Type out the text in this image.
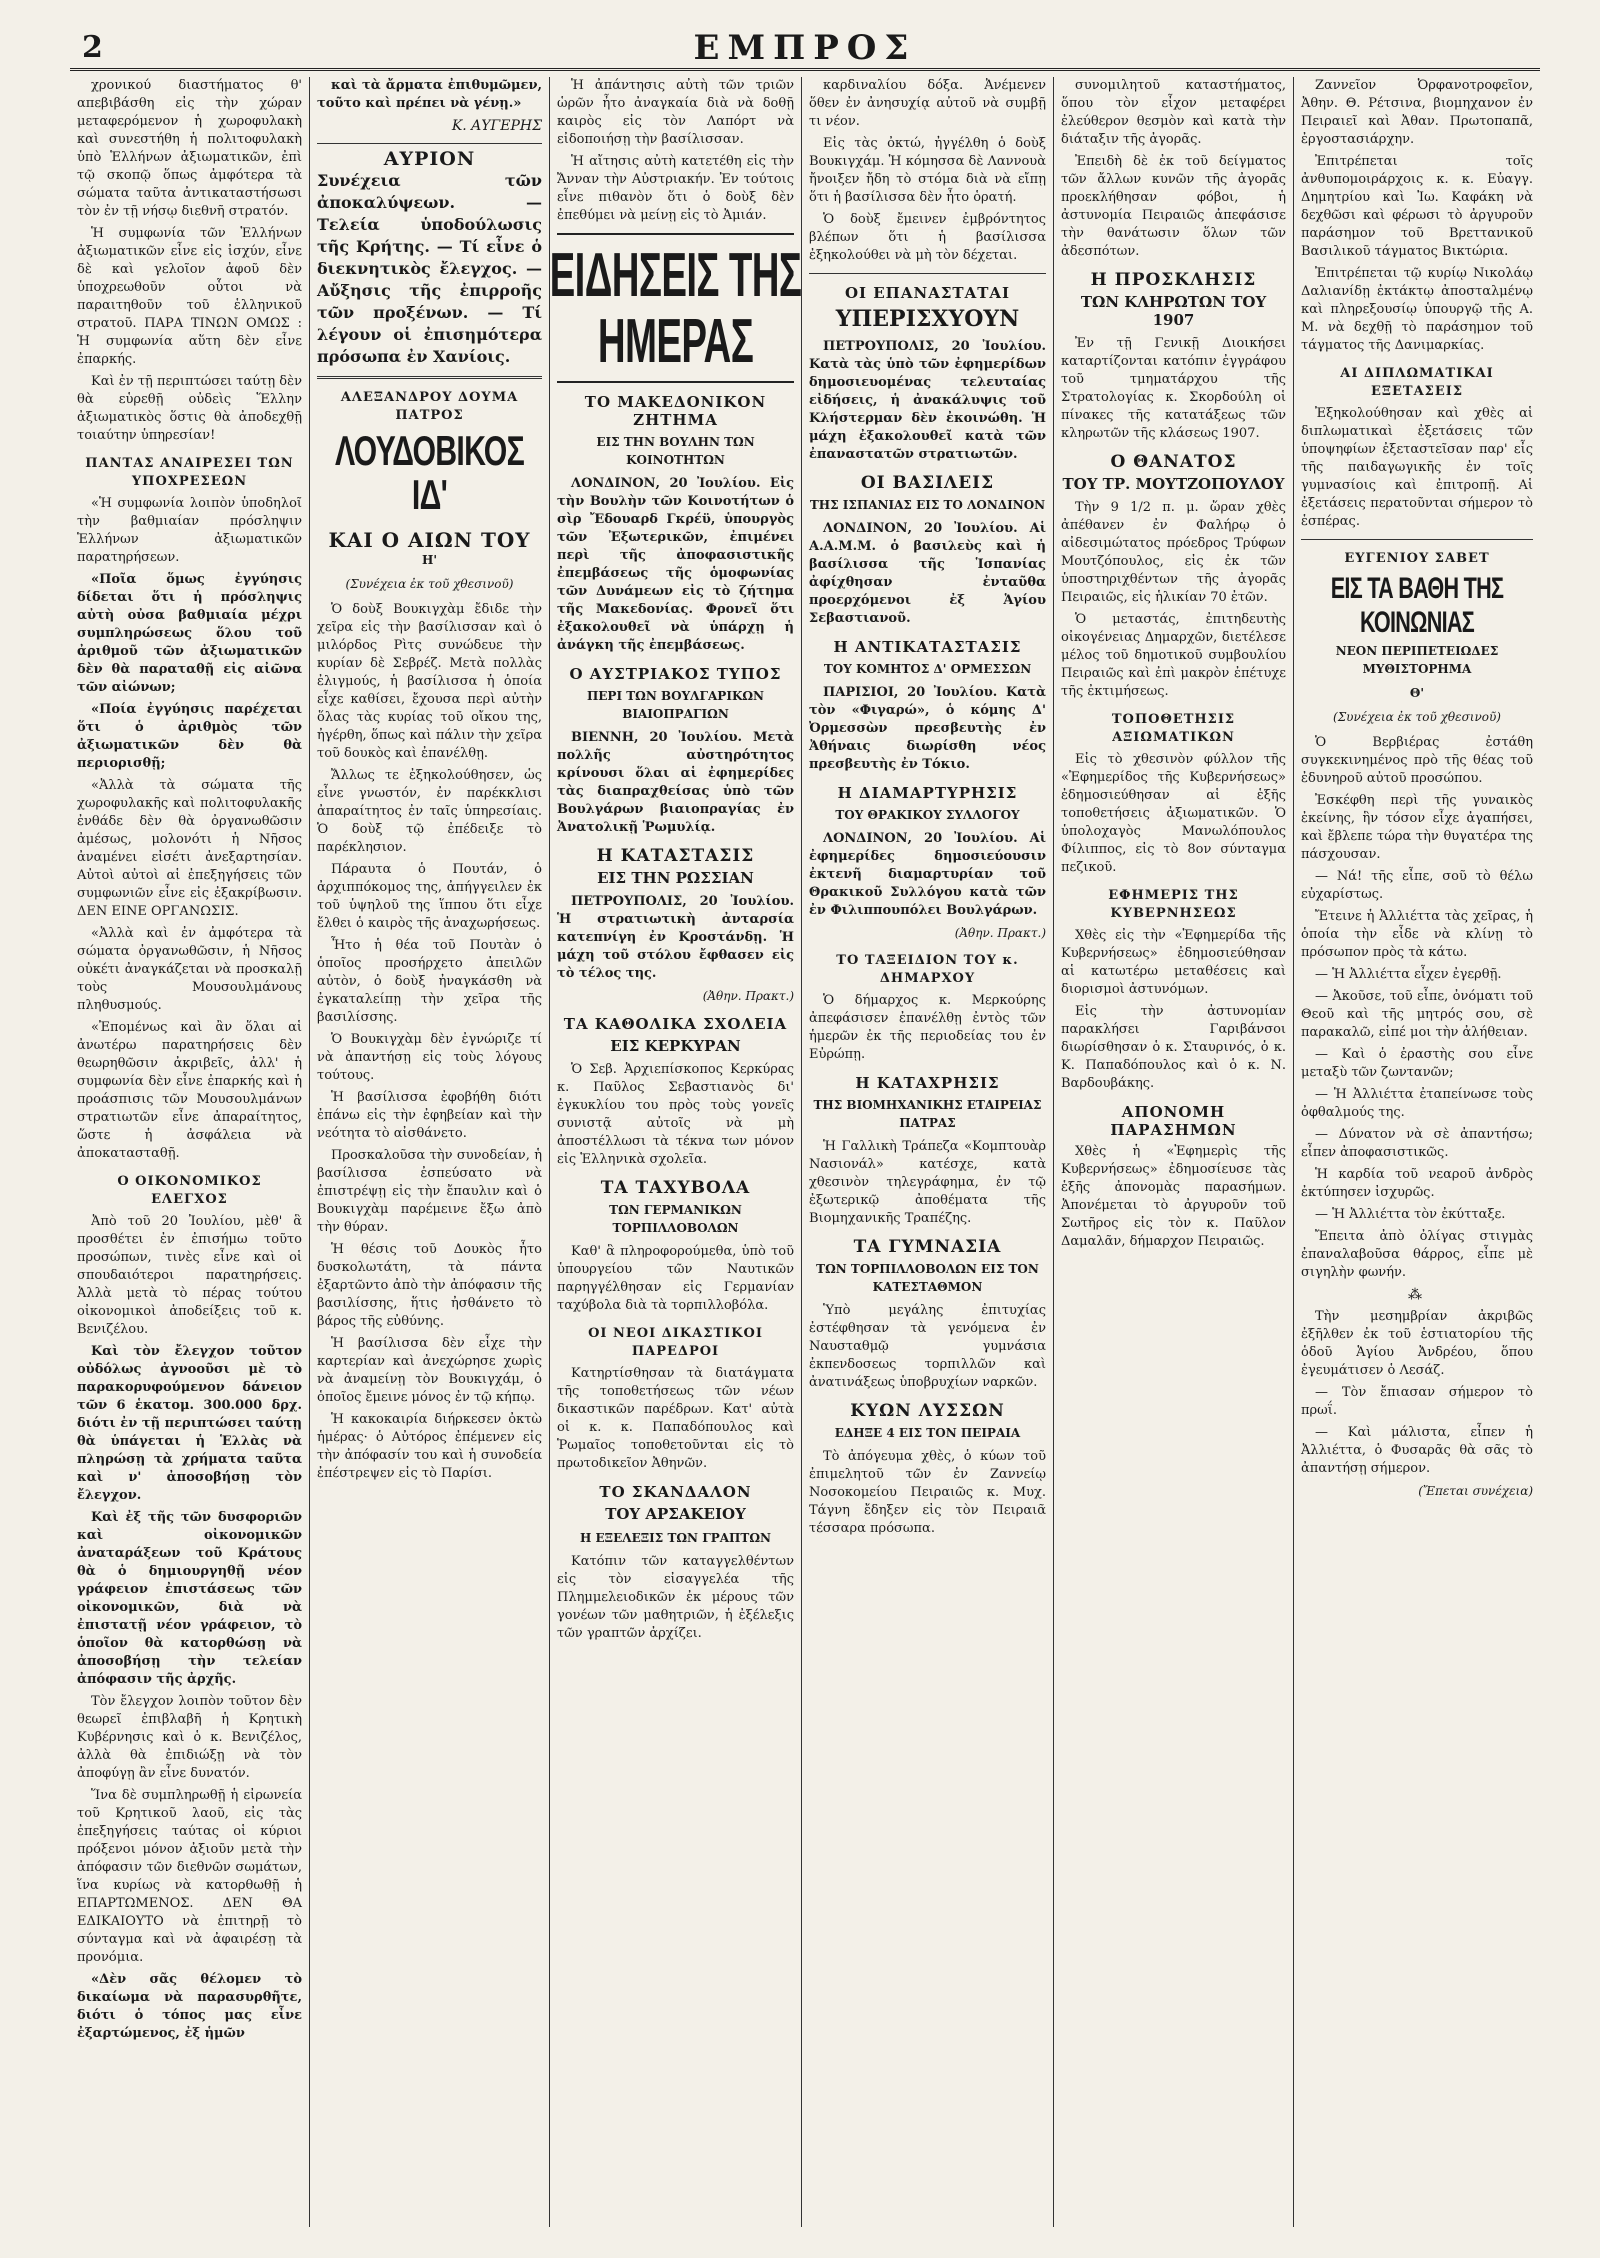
2	ΕΜΠΡΟΣ

χρονικού διαστήματος θ' απεβιβάσθη εἰς τὴν χώραν μεταφερόμενον ἡ χωροφυλακὴ καὶ συνεστήθη ἡ πολιτοφυλακὴ ὑπὸ Ἑλλήνων ἀξιωματικῶν, ἐπὶ τῷ σκοπῷ ὅπως ἀμφότερα τὰ σώματα ταῦτα ἀντικαταστήσωσι τὸν ἐν τῇ νήσῳ διεθνῆ στρατόν.

Ἡ συμφωνία τῶν Ἑλλήνων ἀξιωματικῶν εἶνε εἰς ἰσχύν, εἶνε δὲ καὶ γελοῖον ἀφοῦ δὲν ὑποχρεωθοῦν οὗτοι νὰ παραιτηθοῦν τοῦ ἑλληνικοῦ στρατοῦ. ΠΑΡΑ ΤΙΝΩΝ ΟΜΩΣ : Ἡ συμφωνία αὕτη δὲν εἶνε ἐπαρκής.

Καὶ ἐν τῇ περιπτώσει ταύτῃ δὲν θὰ εὑρεθῇ οὐδεὶς Ἕλλην ἀξιωματικὸς ὅστις θὰ ἀποδεχθῇ τοιαύτην ὑπηρεσίαν!

ΠΑΝΤΑΣ ΑΝΑΙΡΕΣΕΙ ΤΩΝ ΥΠΟΧΡΕΣΕΩΝ

«Ἡ συμφωνία λοιπὸν ὑποδηλοῖ τὴν βαθμιαίαν πρόσληψιν Ἑλλήνων ἀξιωματικῶν παρατηρήσεων.

«Ποῖα ὅμως ἐγγύησις δίδεται ὅτι ἡ πρόσληψις αὐτὴ οὐσα βαθμιαία μέχρι συμπληρώσεως ὅλου τοῦ ἀριθμοῦ τῶν ἀξιωματικῶν δὲν θὰ παραταθῇ εἰς αἰῶνα τῶν αἰώνων;

«Ποία ἐγγύησις παρέχεται ὅτι ὁ ἀριθμὸς τῶν ἀξιωματικῶν δὲν θὰ περιορισθῇ;

«Ἀλλὰ τὰ σώματα τῆς χωροφυλακῆς καὶ πολιτοφυλακῆς ἐνθάδε δὲν θὰ ὀργανωθῶσιν ἀμέσως, μολονότι ἡ Νῆσος ἀναμένει εἰσέτι ἀνεξαρτησίαν. Αὐτοὶ αὐτοὶ αἱ ἐπεξηγήσεις τῶν συμφωνιῶν εἶνε εἰς ἐξακρίβωσιν. ΔΕΝ ΕΙΝΕ ΟΡΓΑΝΩΣΙΣ.

«Ἀλλὰ καὶ ἐν ἀμφότερα τὰ σώματα ὀργανωθῶσιν, ἡ Νῆσος οὐκέτι ἀναγκάζεται νὰ προσκαλῇ τοὺς Μουσουλμάνους πληθυσμούς.

«Ἐπομένως καὶ ἂν ὅλαι αἱ ἀνωτέρω παρατηρήσεις δὲν θεωρηθῶσιν ἀκριβεῖς, ἀλλ' ἡ συμφωνία δὲν εἶνε ἐπαρκής καὶ ἡ προάσπισις τῶν Μουσουλμάνων στρατιωτῶν εἶνε ἀπαραίτητος, ὥστε ἡ ἀσφάλεια νὰ ἀποκατασταθῇ.

Ο ΟΙΚΟΝΟΜΙΚΟΣ ΕΛΕΓΧΟΣ

Ἀπὸ τοῦ 20 Ἰουλίου, μὲθ' ἃ προσθέτει ἐν ἐπισήμω τοῦτο προσώπων, τινὲς εἶνε καὶ οἱ σπουδαιότεροι παρατηρήσεις. Ἀλλὰ μετὰ τὸ πέρας τούτου οἰκονομικοὶ ἀποδείξεις τοῦ κ. Βενιζέλου.

Καὶ τὸν ἔλεγχον τοῦτον οὐδόλως ἀγνοοῦσι μὲ τὸ παρακορυφούμενον δάνειον τῶν 6 ἑκατομ. 300.000 δρχ. διότι ἐν τῇ περιπτώσει ταύτῃ θὰ ὑπάγεται ἡ Ἑλλὰς νὰ πληρώσῃ τὰ χρήματα ταῦτα καὶ ν' ἀποσοβήσῃ τὸν ἔλεγχον.

Καὶ ἐξ τῆς τῶν δυσφοριῶν καὶ οἰκονομικῶν ἀναταράξεων τοῦ Κράτους θὰ ὁ δημιουργηθῇ νέον γράφειον ἐπιστάσεως τῶν οἰκονομικῶν, διὰ νὰ ἐπιστατῇ νέον γράφειον, τὸ ὁποῖον θὰ κατορθώσῃ νὰ ἀποσοβήσῃ τὴν τελείαν ἀπόφασιν τῆς ἀρχῆς.

Τὸν ἔλεγχον λοιπὸν τοῦτον δὲν θεωρεῖ ἐπιβλαβῆ ἡ Κρητικὴ Κυβέρνησις καὶ ὁ κ. Βενιζέλος, ἀλλὰ θὰ ἐπιδιώξῃ νὰ τὸν ἀποφύγῃ ἂν εἶνε δυνατόν.

Ἵνα δὲ συμπληρωθῇ ἡ εἰρωνεία τοῦ Κρητικοῦ λαοῦ, εἰς τὰς ἐπεξηγήσεις ταύτας οἱ κύριοι πρόξενοι μόνον ἀξιοῦν μετὰ τὴν ἀπόφασιν τῶν διεθνῶν σωμάτων, ἵνα κυρίως νὰ κατορθωθῇ ἡ ΕΠΑΡΤΩΜΕΝΟΣ. ΔΕΝ ΘΑ ΕΔΙΚΑΙΟΥΤΟ νὰ ἐπιτηρῇ τὸ σύνταγμα καὶ νὰ ἀφαιρέσῃ τὰ προνόμια.

«Δὲν σᾶς θέλομεν τὸ δικαίωμα νὰ παρασυρθῆτε, διότι ὁ τόπος μας εἶνε ἐξαρτώμενος, ἐξ ἡμῶν

καὶ τὰ ἄρματα ἐπιθυμῶμεν, τοῦτο καὶ πρέπει νὰ γένῃ.»

Κ. ΑΥΓΕΡΗΣ
ΑΥΡΙΟΝ

Συνέχεια τῶν ἀποκαλύψεων. — Τελεία ὑποδούλωσις τῆς Κρήτης. — Τί εἶνε ὁ διεκνητικὸς ἔλεγχος. — Αὔξησις τῆς ἐπιρροῆς τῶν προξένων. — Τί λέγουν οἱ ἐπισημότερα πρόσωπα ἐν Χανίοις.

ΑΛΕΞΑΝΔΡΟΥ ΔΟΥΜΑ ΠΑΤΡΟΣ
ΛΟΥΔΟΒΙΚΟΣ ΙΔ'
ΚΑΙ Ο ΑΙΩΝ ΤΟΥ
Η'
(Συνέχεια ἐκ τοῦ χθεσινοῦ)

Ὁ δοὺξ Βουκιγχὰμ ἔδιδε τὴν χεῖρα εἰς τὴν βασίλισσαν καὶ ὁ μιλόρδος Ρὶτς συνώδευε τὴν κυρίαν δὲ Σεβρέζ. Μετὰ πολλὰς ἐλιγμούς, ἡ βασίλισσα ἡ ὁποία εἶχε καθίσει, ἔχουσα περὶ αὐτὴν ὅλας τὰς κυρίας τοῦ οἴκου της, ἠγέρθη, ὅπως καὶ πάλιν τὴν χεῖρα τοῦ δουκὸς καὶ ἐπανέλθῃ.

Ἄλλως τε ἐξηκολούθησεν, ὡς εἶνε γνωστόν, ἐν παρέκκλισι ἀπαραίτητος ἐν ταῖς ὑπηρεσίαις. Ὁ δοὺξ τῷ ἐπέδειξε τὸ παρέκλησιον.

Πάραυτα ὁ Πουτάν, ὁ ἀρχιππόκομος της, ἀπήγγειλεν ἐκ τοῦ ὑψηλοῦ της ἵππου ὅτι εἶχε ἔλθει ὁ καιρὸς τῆς ἀναχωρήσεως.

Ἦτο ἡ θέα τοῦ Πουτὰν ὁ ὁποῖος προσήρχετο ἀπειλῶν αὐτὸν, ὁ δοὺξ ἠναγκάσθη νὰ ἐγκαταλείπῃ τὴν χεῖρα τῆς βασιλίσσης.

Ὁ Βουκιγχὰμ δὲν ἐγνώριζε τί νὰ ἀπαντήσῃ εἰς τοὺς λόγους τούτους.

Ἡ βασίλισσα ἐφοβήθη διότι ἐπάνω εἰς τὴν ἐφηβείαν καὶ τὴν νεότητα τὸ αἰσθάνετο.

Προσκαλοῦσα τὴν συνοδείαν, ἡ βασίλισσα ἐσπεύσατο νὰ ἐπιστρέψῃ εἰς τὴν ἔπαυλιν καὶ ὁ Βουκιγχὰμ παρέμεινε ἔξω ἀπὸ τὴν θύραν.

Ἡ θέσις τοῦ Δουκὸς ἦτο δυσκολωτάτη, τὰ πάντα ἐξαρτῶντο ἀπὸ τὴν ἀπόφασιν τῆς βασιλίσσης, ἥτις ἠσθάνετο τὸ βάρος τῆς εὐθύνης.

Ἡ βασίλισσα δὲν εἶχε τὴν καρτερίαν καὶ ἀνεχώρησε χωρὶς νὰ ἀναμείνῃ τὸν Βουκιγχάμ, ὁ ὁποῖος ἔμεινε μόνος ἐν τῷ κήπῳ.

Ἡ κακοκαιρία διήρκεσεν ὀκτὼ ἡμέρας· ὁ Αὐτόρος ἐπέμενεν εἰς τὴν ἀπόφασίν του καὶ ἡ συνοδεία ἐπέστρεψεν εἰς τὸ Παρίσι.

Ἡ ἀπάντησις αὐτὴ τῶν τριῶν ὡρῶν ἦτο ἀναγκαία διὰ νὰ δοθῇ καιρὸς εἰς τὸν Λαπόρτ νὰ εἰδοποιήσῃ τὴν βασίλισσαν.

Ἡ αἴτησις αὐτὴ κατετέθη εἰς τὴν Ἄνναν τὴν Αὐστριακήν. Ἐν τούτοις εἶνε πιθανὸν ὅτι ὁ δοὺξ δὲν ἐπεθύμει νὰ μείνῃ εἰς τὸ Ἀμιάν.

ΕΙΔΗΣΕΙΣ ΤΗΣ ΗΜΕΡΑΣ
ΤΟ ΜΑΚΕΔΟΝΙΚΟΝ ΖΗΤΗΜΑ
ΕΙΣ ΤΗΝ ΒΟΥΛΗΝ ΤΩΝ ΚΟΙΝΟΤΗΤΩΝ

ΛΟΝΔΙΝΟΝ, 20 Ἰουλίου. Εἰς τὴν Βουλὴν τῶν Κοινοτήτων ὁ σὶρ Ἔδουαρδ Γκρέϋ, ὑπουργὸς τῶν Ἐξωτερικῶν, ἐπιμένει περὶ τῆς ἀποφασιστικῆς ἐπεμβάσεως τῆς ὁμοφωνίας τῶν Δυνάμεων εἰς τὸ ζήτημα τῆς Μακεδονίας. Φρονεῖ ὅτι ἐξακολουθεῖ νὰ ὑπάρχῃ ἡ ἀνάγκη τῆς ἐπεμβάσεως.

Ο ΑΥΣΤΡΙΑΚΟΣ ΤΥΠΟΣ
ΠΕΡΙ ΤΩΝ ΒΟΥΛΓΑΡΙΚΩΝ ΒΙΑΙΟΠΡΑΓΙΩΝ

ΒΙΕΝΝΗ, 20 Ἰουλίου. Μετὰ πολλῆς αὐστηρότητος κρίνουσι ὅλαι αἱ ἐφημερίδες τὰς διαπραχθείσας ὑπὸ τῶν Βουλγάρων βιαιοπραγίας ἐν Ἀνατολικῇ Ῥωμυλίᾳ.

Η ΚΑΤΑΣΤΑΣΙΣ
ΕΙΣ ΤΗΝ ΡΩΣΣΙΑΝ

ΠΕΤΡΟΥΠΟΛΙΣ, 20 Ἰουλίου. Ἡ στρατιωτικὴ ἀνταρσία κατεπνίγη ἐν Κροστάνδῃ. Ἡ μάχη τοῦ στόλου ἔφθασεν εἰς τὸ τέλος της.

(Ἀθην. Πρακτ.)
ΤΑ ΚΑΘΟΛΙΚΑ ΣΧΟΛΕΙΑ
ΕΙΣ ΚΕΡΚΥΡΑΝ

Ὁ Σεβ. Ἀρχιεπίσκοπος Κερκύρας κ. Παῦλος Σεβαστιανὸς δι' ἐγκυκλίου του πρὸς τοὺς γονεῖς συνιστᾷ αὐτοῖς νὰ μὴ ἀποστέλλωσι τὰ τέκνα των μόνον εἰς Ἑλληνικὰ σχολεῖα.

ΤΑ ΤΑΧΥΒΟΛΑ
ΤΩΝ ΓΕΡΜΑΝΙΚΩΝ ΤΟΡΠΙΛΛΟΒΟΛΩΝ

Καθ' ἃ πληροφορούμεθα, ὑπὸ τοῦ ὑπουργείου τῶν Ναυτικῶν παρηγγέλθησαν εἰς Γερμανίαν ταχύβολα διὰ τὰ τορπιλλοβόλα.

ΟΙ ΝΕΟΙ ΔΙΚΑΣΤΙΚΟΙ ΠΑΡΕΔΡΟΙ

Κατηρτίσθησαν τὰ διατάγματα τῆς τοποθετήσεως τῶν νέων δικαστικῶν παρέδρων. Κατ' αὐτὰ οἱ κ. κ. Παπαδόπουλος καὶ Ῥωμαῖος τοποθετοῦνται εἰς τὸ πρωτοδικεῖον Ἀθηνῶν.

ΤΟ ΣΚΑΝΔΑΛΟΝ
ΤΟΥ ΑΡΣΑΚΕΙΟΥ
Η ΕΞΕΛΕΞΙΣ ΤΩΝ ΓΡΑΠΤΩΝ

Κατόπιν τῶν καταγγελθέντων εἰς τὸν εἰσαγγελέα τῆς Πλημμελειοδικῶν ἐκ μέρους τῶν γονέων τῶν μαθητριῶν, ἡ ἐξέλεξις τῶν γραπτῶν ἀρχίζει.

καρδιναλίου δόξα. Ἀνέμενεν ὅθεν ἐν ἀνησυχίᾳ αὐτοῦ νὰ συμβῇ τι νέον.

Εἰς τὰς ὀκτώ, ἠγγέλθη ὁ δοὺξ Βουκιγχάμ. Ἡ κόμησσα δὲ Λαννουὰ ἤνοιξεν ἤδη τὸ στόμα διὰ νὰ εἴπῃ ὅτι ἡ βασίλισσα δὲν ἦτο ὁρατή.

Ὁ δοὺξ ἔμεινεν ἐμβρόντητος βλέπων ὅτι ἡ βασίλισσα ἐξηκολούθει νὰ μὴ τὸν δέχεται.

ΟΙ ΕΠΑΝΑΣΤΑΤΑΙ
ΥΠΕΡΙΣΧΥΟΥΝ

ΠΕΤΡΟΥΠΟΛΙΣ, 20 Ἰουλίου. Κατὰ τὰς ὑπὸ τῶν ἐφημερίδων δημοσιευομένας τελευταίας εἰδήσεις, ἡ ἀνακάλυψις τοῦ Κλήστερμαν δὲν ἐκοινώθη. Ἡ μάχη ἐξακολουθεῖ κατὰ τῶν ἐπαναστατῶν στρατιωτῶν.

ΟΙ ΒΑΣΙΛΕΙΣ
ΤΗΣ ΙΣΠΑΝΙΑΣ ΕΙΣ ΤΟ ΛΟΝΔΙΝΟΝ

ΛΟΝΔΙΝΟΝ, 20 Ἰουλίου. Αἱ Α.Α.Μ.Μ. ὁ βασιλεὺς καὶ ἡ βασίλισσα τῆς Ἱσπανίας ἀφίχθησαν ἐνταῦθα προερχόμενοι ἐξ Ἁγίου Σεβαστιανοῦ.

Η ΑΝΤΙΚΑΤΑΣΤΑΣΙΣ
ΤΟΥ ΚΟΜΗΤΟΣ Δ' ΟΡΜΕΣΣΩΝ

ΠΑΡΙΣΙΟΙ, 20 Ἰουλίου. Κατὰ τὸν «Φιγαρώ», ὁ κόμης Δ' Ὀρμεσσὼν πρεσβευτὴς ἐν Ἀθήναις διωρίσθη νέος πρεσβευτὴς ἐν Τόκιο.

Η ΔΙΑΜΑΡΤΥΡΗΣΙΣ
ΤΟΥ ΘΡΑΚΙΚΟΥ ΣΥΛΛΟΓΟΥ

ΛΟΝΔΙΝΟΝ, 20 Ἰουλίου. Αἱ ἐφημερίδες δημοσιεύουσιν ἐκτενῆ διαμαρτυρίαν τοῦ Θρακικοῦ Συλλόγου κατὰ τῶν ἐν Φιλιππουπόλει Βουλγάρων.

(Ἀθην. Πρακτ.)
ΤΟ ΤΑΞΕΙΔΙΟΝ ΤΟΥ κ. ΔΗΜΑΡΧΟΥ

Ὁ δήμαρχος κ. Μερκούρης ἀπεφάσισεν ἐπανέλθῃ ἐντὸς τῶν ἡμερῶν ἐκ τῆς περιοδείας του ἐν Εὐρώπῃ.

Η ΚΑΤΑΧΡΗΣΙΣ
ΤΗΣ ΒΙΟΜΗΧΑΝΙΚΗΣ ΕΤΑΙΡΕΙΑΣ ΠΑΤΡΑΣ

Ἡ Γαλλικὴ Τράπεζα «Κομπτουὰρ Νασιονάλ» κατέσχε, κατὰ χθεσινὸν τηλεγράφημα, ἐν τῷ ἐξωτερικῷ ἀποθέματα τῆς Βιομηχανικῆς Τραπέζης.

ΤΑ ΓΥΜΝΑΣΙΑ
ΤΩΝ ΤΟΡΠΙΛΛΟΒΟΛΩΝ ΕΙΣ ΤΟΝ ΚΑΤΕΣΤΑΘΜΟΝ

Ὑπὸ μεγάλης ἐπιτυχίας ἐστέφθησαν τὰ γενόμενα ἐν Ναυσταθμῷ γυμνάσια ἐκπενδοσεως τορπιλλῶν καὶ ἀνατινάξεως ὑποβρυχίων ναρκῶν.

ΚΥΩΝ ΛΥΣΣΩΝ
ΕΔΗΞΕ 4 ΕΙΣ ΤΟΝ ΠΕΙΡΑΙΑ

Τὸ ἀπόγευμα χθὲς, ὁ κύων τοῦ ἐπιμελητοῦ τῶν ἐν Ζαννείῳ Νοσοκομείου Πειραιῶς κ. Μυχ. Τάγνη ἔδηξεν εἰς τὸν Πειραιᾶ τέσσαρα πρόσωπα.

συνομιλητοῦ καταστήματος, ὅπου τὸν εἶχον μεταφέρει ἐλεύθερον θεσμὸν καὶ κατὰ τὴν διάταξιν τῆς ἀγορᾶς.

Ἐπειδὴ δὲ ἐκ τοῦ δείγματος τῶν ἄλλων κυνῶν τῆς ἀγορᾶς προεκλήθησαν φόβοι, ἡ ἀστυνομία Πειραιῶς ἀπεφάσισε τὴν θανάτωσιν ὅλων τῶν ἀδεσπότων.

Η ΠΡΟΣΚΛΗΣΙΣ
ΤΩΝ ΚΛΗΡΩΤΩΝ ΤΟΥ 1907

Ἐν τῇ Γενικῇ Διοικήσει καταρτίζονται κατόπιν ἐγγράφου τοῦ τμηματάρχου τῆς Στρατολογίας κ. Σκορδούλη οἱ πίνακες τῆς κατατάξεως τῶν κληρωτῶν τῆς κλάσεως 1907.

Ο ΘΑΝΑΤΟΣ
ΤΟΥ ΤΡ. ΜΟΥΤΖΟΠΟΥΛΟΥ

Τὴν 9 1/2 π. μ. ὥραν χθὲς ἀπέθανεν ἐν Φαλήρῳ ὁ αἰδεσιμώτατος πρόεδρος Τρύφων Μουτζόπουλος, εἰς ἐκ τῶν ὑποστηριχθέντων τῆς ἀγορᾶς Πειραιῶς, εἰς ἡλικίαν 70 ἐτῶν.

Ὁ μεταστάς, ἐπιτηδευτὴς οἰκογένειας Δημαρχῶν, διετέλεσε μέλος τοῦ δημοτικοῦ συμβουλίου Πειραιῶς καὶ ἐπὶ μακρὸν ἐπέτυχε τῆς ἐκτιμήσεως.

ΤΟΠΟΘΕΤΗΣΙΣ ΑΞΙΩΜΑΤΙΚΩΝ

Εἰς τὸ χθεσινὸν φύλλον τῆς «Ἐφημερίδος τῆς Κυβερνήσεως» ἐδημοσιεύθησαν αἱ ἑξῆς τοποθετήσεις ἀξιωματικῶν. Ὁ ὑπολοχαγὸς Μανωλόπουλος Φίλιππος, εἰς τὸ 8ον σύνταγμα πεζικοῦ.

ΕΦΗΜΕΡΙΣ ΤΗΣ ΚΥΒΕΡΝΗΣΕΩΣ

Χθὲς εἰς τὴν «Ἐφημερίδα τῆς Κυβερνήσεως» ἐδημοσιεύθησαν αἱ κατωτέρω μεταθέσεις καὶ διορισμοὶ ἀστυνόμων.

Εἰς τὴν ἀστυνομίαν παρακλήσει Γαριβάνσοι διωρίσθησαν ὁ κ. Σταυρινός, ὁ κ. Κ. Παπαδόπουλος καὶ ὁ κ. Ν. Βαρδουβάκης.

ΑΠΟΝΟΜΗ ΠΑΡΑΣΗΜΩΝ

Χθὲς ἡ «Ἐφημερὶς τῆς Κυβερνήσεως» ἐδημοσίευσε τὰς ἑξῆς ἀπονομὰς παρασήμων. Ἀπονέμεται τὸ ἀργυροῦν τοῦ Σωτῆρος εἰς τὸν κ. Παῦλον Δαμαλᾶν, δήμαρχον Πειραιῶς.

Ζαννεῖον Ὀρφανοτροφεῖον, Ἀθην. Θ. Ρέτσινα, βιομηχανον ἐν Πειραιεῖ καὶ Ἀθαν. Πρωτοπαπᾶ, ἐργοστασιάρχην.

Ἐπιτρέπεται τοῖς ἀνθυπομοιράρχοις κ. κ. Εὐαγγ. Δημητρίου καὶ Ἰω. Καφάκη νὰ δεχθῶσι καὶ φέρωσι τὸ ἀργυροῦν παράσημον τοῦ Βρεττανικοῦ Βασιλικοῦ τάγματος Βικτώρια.

Ἐπιτρέπεται τῷ κυρίῳ Νικολάῳ Δαλιανίδῃ ἐκτάκτῳ ἀποσταλμένῳ καὶ πληρεξουσίῳ ὑπουργῷ τῆς Α. Μ. νὰ δεχθῇ τὸ παράσημον τοῦ τάγματος τῆς Δανιμαρκίας.

ΑΙ ΔΙΠΛΩΜΑΤΙΚΑΙ ΕΞΕΤΑΣΕΙΣ

Ἐξηκολούθησαν καὶ χθὲς αἱ διπλωματικαὶ ἐξετάσεις τῶν ὑποψηφίων ἐξεταστεῖσαν παρ' εἶς τῆς παιδαγωγικῆς ἐν τοῖς γυμνασίοις καὶ ἐπιτροπῇ. Αἱ ἐξετάσεις περατοῦνται σήμερον τὸ ἑσπέρας.

ΕΥΓΕΝΙΟΥ ΣΑΒΕΤ
ΕΙΣ ΤΑ ΒΑΘΗ ΤΗΣ ΚΟΙΝΩΝΙΑΣ
ΝΕΟΝ ΠΕΡΙΠΕΤΕΙΩΔΕΣ ΜΥΘΙΣΤΟΡΗΜΑ
Θ'
(Συνέχεια ἐκ τοῦ χθεσινοῦ)

Ὁ Βερβιέρας ἐστάθη συγκεκινημένος πρὸ τῆς θέας τοῦ ἐδυνηροῦ αὐτοῦ προσώπου.

Ἐσκέφθη περὶ τῆς γυναικὸς ἐκείνης, ἣν τόσον εἶχε ἀγαπήσει, καὶ ἔβλεπε τώρα τὴν θυγατέρα της πάσχουσαν.

— Νά! τῆς εἶπε, σοῦ τὸ θέλω εὐχαρίστως.

Ἔτεινε ἡ Ἀλλιέττα τὰς χεῖρας, ἡ ὁποία τὴν εἶδε νὰ κλίνῃ τὸ πρόσωπον πρὸς τὰ κάτω.

— Ἡ Ἀλλιέττα εἶχεν ἐγερθῇ.

— Ἀκοῦσε, τοῦ εἶπε, ὀνόματι τοῦ Θεοῦ καὶ τῆς μητρός σου, σὲ παρακαλῶ, εἰπέ μοι τὴν ἀλήθειαν.

— Καὶ ὁ ἐραστὴς σου εἶνε μεταξὺ τῶν ζωντανῶν;

— Ἡ Ἀλλιέττα ἐταπείνωσε τοὺς ὀφθαλμούς της.

— Δύνατον νὰ σὲ ἀπαντήσω; εἶπεν ἀποφασιστικῶς.

Ἡ καρδία τοῦ νεαροῦ ἀνδρὸς ἐκτύπησεν ἰσχυρῶς.

— Ἡ Ἀλλιέττα τὸν ἐκύτταξε.

Ἔπειτα ἀπὸ ὀλίγας στιγμὰς ἐπαναλαβοῦσα θάρρος, εἶπε μὲ σιγηλὴν φωνήν.

⁂

Τὴν μεσημβρίαν ἀκριβῶς ἐξῆλθεν ἐκ τοῦ ἑστιατορίου τῆς ὁδοῦ Ἁγίου Ἀνδρέου, ὅπου ἐγευμάτισεν ὁ Λεσάζ.

— Τὸν ἔπιασαν σήμερον τὸ πρωΐ.

— Καὶ μάλιστα, εἶπεν ἡ Ἀλλιέττα, ὁ Φυσαρᾶς θὰ σᾶς τὸ ἀπαντήσῃ σήμερον.

(Ἔπεται συνέχεια)
